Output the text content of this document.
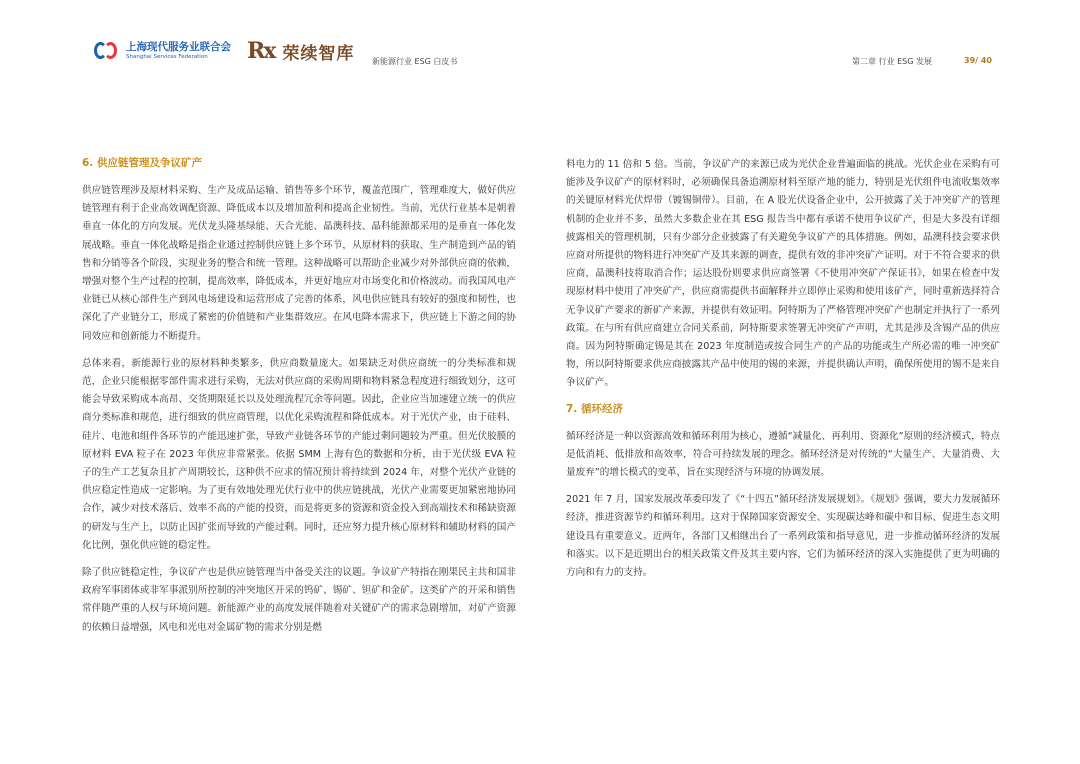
上海现代服务业联合会
Shanghai Services Federation	Rx 荣续智库 新能源行业 ESG 白皮书	第二章 行业 ESG 发展	39/ 40
6. 供应链管理及争议矿产

供应链管理涉及原材料采购、生产及成品运输、销售等多个环节，覆盖范围广，管理难度大，做好供应链管理有利于企业高效调配资源、降低成本以及增加盈利和提高企业韧性。当前，光伏行业基本是朝着垂直一体化的方向发展。光伏龙头隆基绿能、天合光能、晶澳科技、晶科能源都采用的是垂直一体化发展战略。垂直一体化战略是指企业通过控制供应链上多个环节，从原材料的获取、生产制造到产品的销售和分销等各个阶段，实现业务的整合和统一管理。这种战略可以帮助企业减少对外部供应商的依赖，增强对整个生产过程的控制，提高效率，降低成本，并更好地应对市场变化和价格波动。而我国风电产业链已从核心部件生产到风电场建设和运营形成了完善的体系，风电供应链具有较好的强度和韧性，也深化了产业链分工，形成了紧密的价值链和产业集群效应。在风电降本需求下，供应链上下游之间的协同效应和创新能力不断提升。

总体来看，新能源行业的原材料种类繁多，供应商数量庞大。如果缺乏对供应商统一的分类标准和规范，企业只能根据零部件需求进行采购，无法对供应商的采购周期和物料紧急程度进行细致划分，这可能会导致采购成本高昂、交货期限延长以及处理流程冗余等问题。因此，企业应当加速建立统一的供应商分类标准和规范，进行细致的供应商管理，以优化采购流程和降低成本。对于光伏产业，由于硅料、硅片、电池和组件各环节的产能迅速扩张，导致产业链各环节的产能过剩问题较为严重。但光伏胶膜的原材料 EVA 粒子在 2023 年供应非常紧张。依据 SMM 上海有色的数据和分析，由于光伏级 EVA 粒子的生产工艺复杂且扩产周期较长，这种供不应求的情况预计将持续到 2024 年，对整个光伏产业链的供应稳定性造成一定影响。为了更有效地处理光伏行业中的供应链挑战，光伏产业需要更加紧密地协同合作，减少对技术落后、效率不高的产能的投资，而是将更多的资源和资金投入到高端技术和稀缺资源的研发与生产上，以防止因扩张而导致的产能过剩。同时，还应努力提升核心原材料和辅助材料的国产化比例，强化供应链的稳定性。

除了供应链稳定性，争议矿产也是供应链管理当中备受关注的议题。争议矿产特指在刚果民主共和国非政府军事团体或非军事派别所控制的冲突地区开采的钨矿、锡矿、钽矿和金矿。这类矿产的开采和销售常伴随严重的人权与环境问题。新能源产业的高度发展伴随着对关键矿产的需求急剧增加，对矿产资源的依赖日益增强，风电和光电对金属矿物的需求分别是燃

料电力的 11 倍和 5 倍。当前，争议矿产的来源已成为光伏企业普遍面临的挑战。光伏企业在采购有可能涉及争议矿产的原材料时，必须确保具备追溯原材料至原产地的能力，特别是光伏组件电流收集效率的关键原材料光伏焊带（镀锡铜带）。目前，在 A 股光伏设备企业中，公开披露了关于冲突矿产的管理机制的企业并不多，虽然大多数企业在其 ESG 报告当中都有承诺不使用争议矿产，但是大多没有详细披露相关的管理机制，只有少部分企业披露了有关避免争议矿产的具体措施。例如，晶澳科技会要求供应商对所提供的物料进行冲突矿产及其来源的调查，提供有效的非冲突矿产证明。对于不符合要求的供应商，晶澳科技将取消合作；运达股份则要求供应商签署《不使用冲突矿产保证书》，如果在检查中发现原材料中使用了冲突矿产，供应商需提供书面解释并立即停止采购和使用该矿产，同时重新选择符合无争议矿产要求的新矿产来源，并提供有效证明。阿特斯为了严格管理冲突矿产也制定并执行了一系列政策。在与所有供应商建立合同关系前，阿特斯要求签署无冲突矿产声明，尤其是涉及含锡产品的供应商。因为阿特斯确定锡是其在 2023 年度制造或按合同生产的产品的功能或生产所必需的唯一冲突矿物，所以阿特斯要求供应商披露其产品中使用的锡的来源，并提供确认声明，确保所使用的锡不是来自争议矿产。

7. 循环经济

循环经济是一种以资源高效和循环利用为核心，遵循“减量化、再利用、资源化”原则的经济模式，特点是低消耗、低排放和高效率，符合可持续发展的理念。循环经济是对传统的“大量生产、大量消费、大量废弃”的增长模式的变革，旨在实现经济与环境的协调发展。

2021 年 7 月，国家发展改革委印发了《“十四五”循环经济发展规划》。《规划》强调，要大力发展循环经济，推进资源节约和循环利用。这对于保障国家资源安全、实现碳达峰和碳中和目标、促进生态文明建设具有重要意义。近两年，各部门又相继出台了一系列政策和指导意见，进一步推动循环经济的发展和落实。以下是近期出台的相关政策文件及其主要内容，它们为循环经济的深入实施提供了更为明确的方向和有力的支持。
